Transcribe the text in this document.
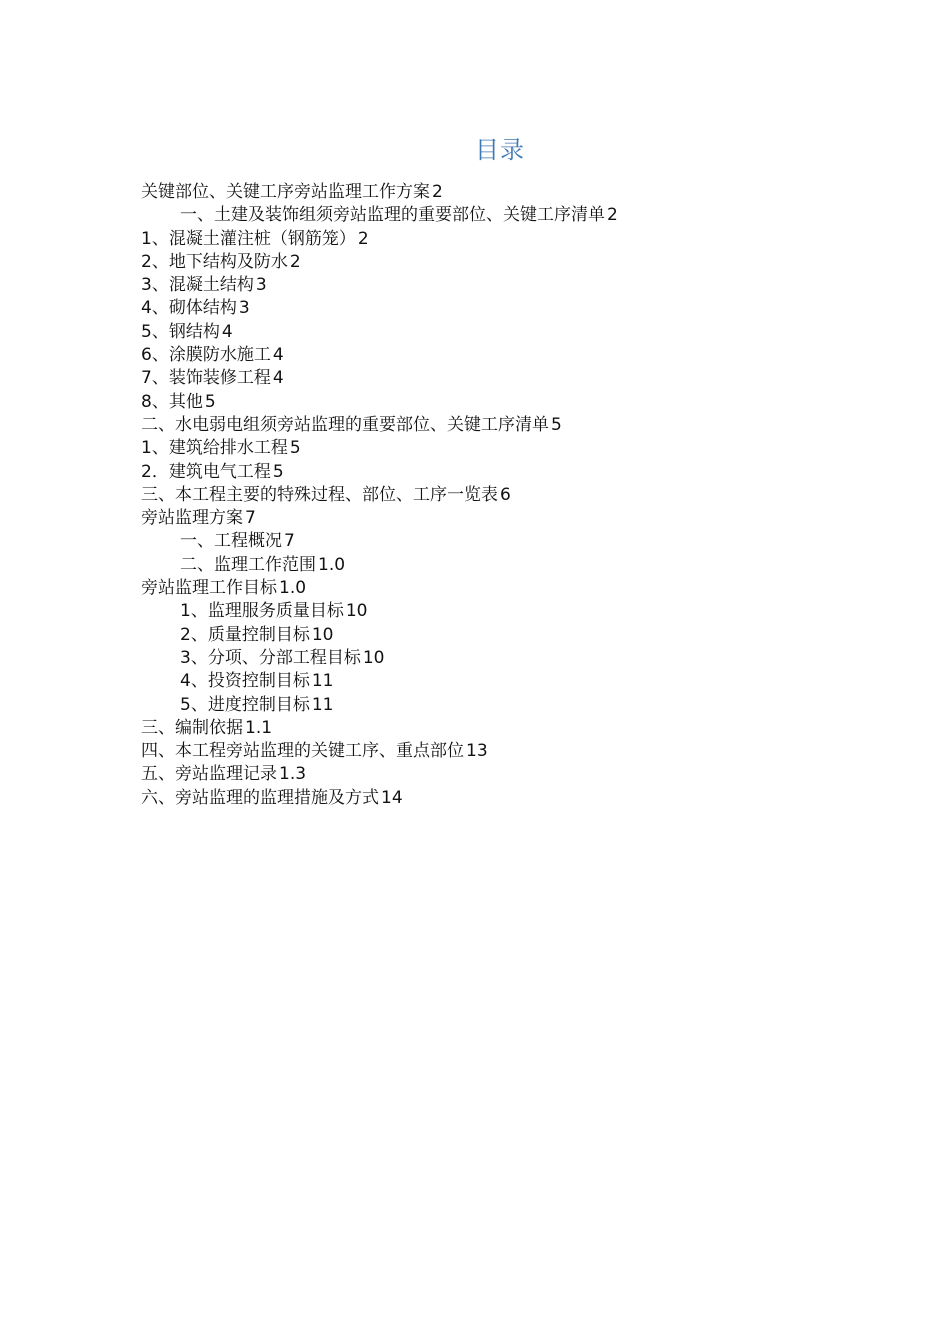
目录
关键部位、关键工序旁站监理工作方案 2
一、土建及装饰组须旁站监理的重要部位、关键工序清单 2
1、混凝土灌注桩（钢筋笼） 2
2、地下结构及防水 2
3、混凝土结构 3
4、砌体结构 3
5、钢结构 4
6、涂膜防水施工 4
7、装饰装修工程 4
8、其他 5
二、水电弱电组须旁站监理的重要部位、关键工序清单 5
1、建筑给排水工程 5
2．建筑电气工程 5
三、本工程主要的特殊过程、部位、工序一览表 6
旁站监理方案 7
一、工程概况 7
二、监理工作范围 1.0
旁站监理工作目标 1.0
1、监理服务质量目标 10
2、质量控制目标 10
3、分项、分部工程目标 10
4、投资控制目标 11
5、进度控制目标 11
三、编制依据 1.1
四、本工程旁站监理的关键工序、重点部位 13
五、旁站监理记录 1.3
六、旁站监理的监理措施及方式 14
